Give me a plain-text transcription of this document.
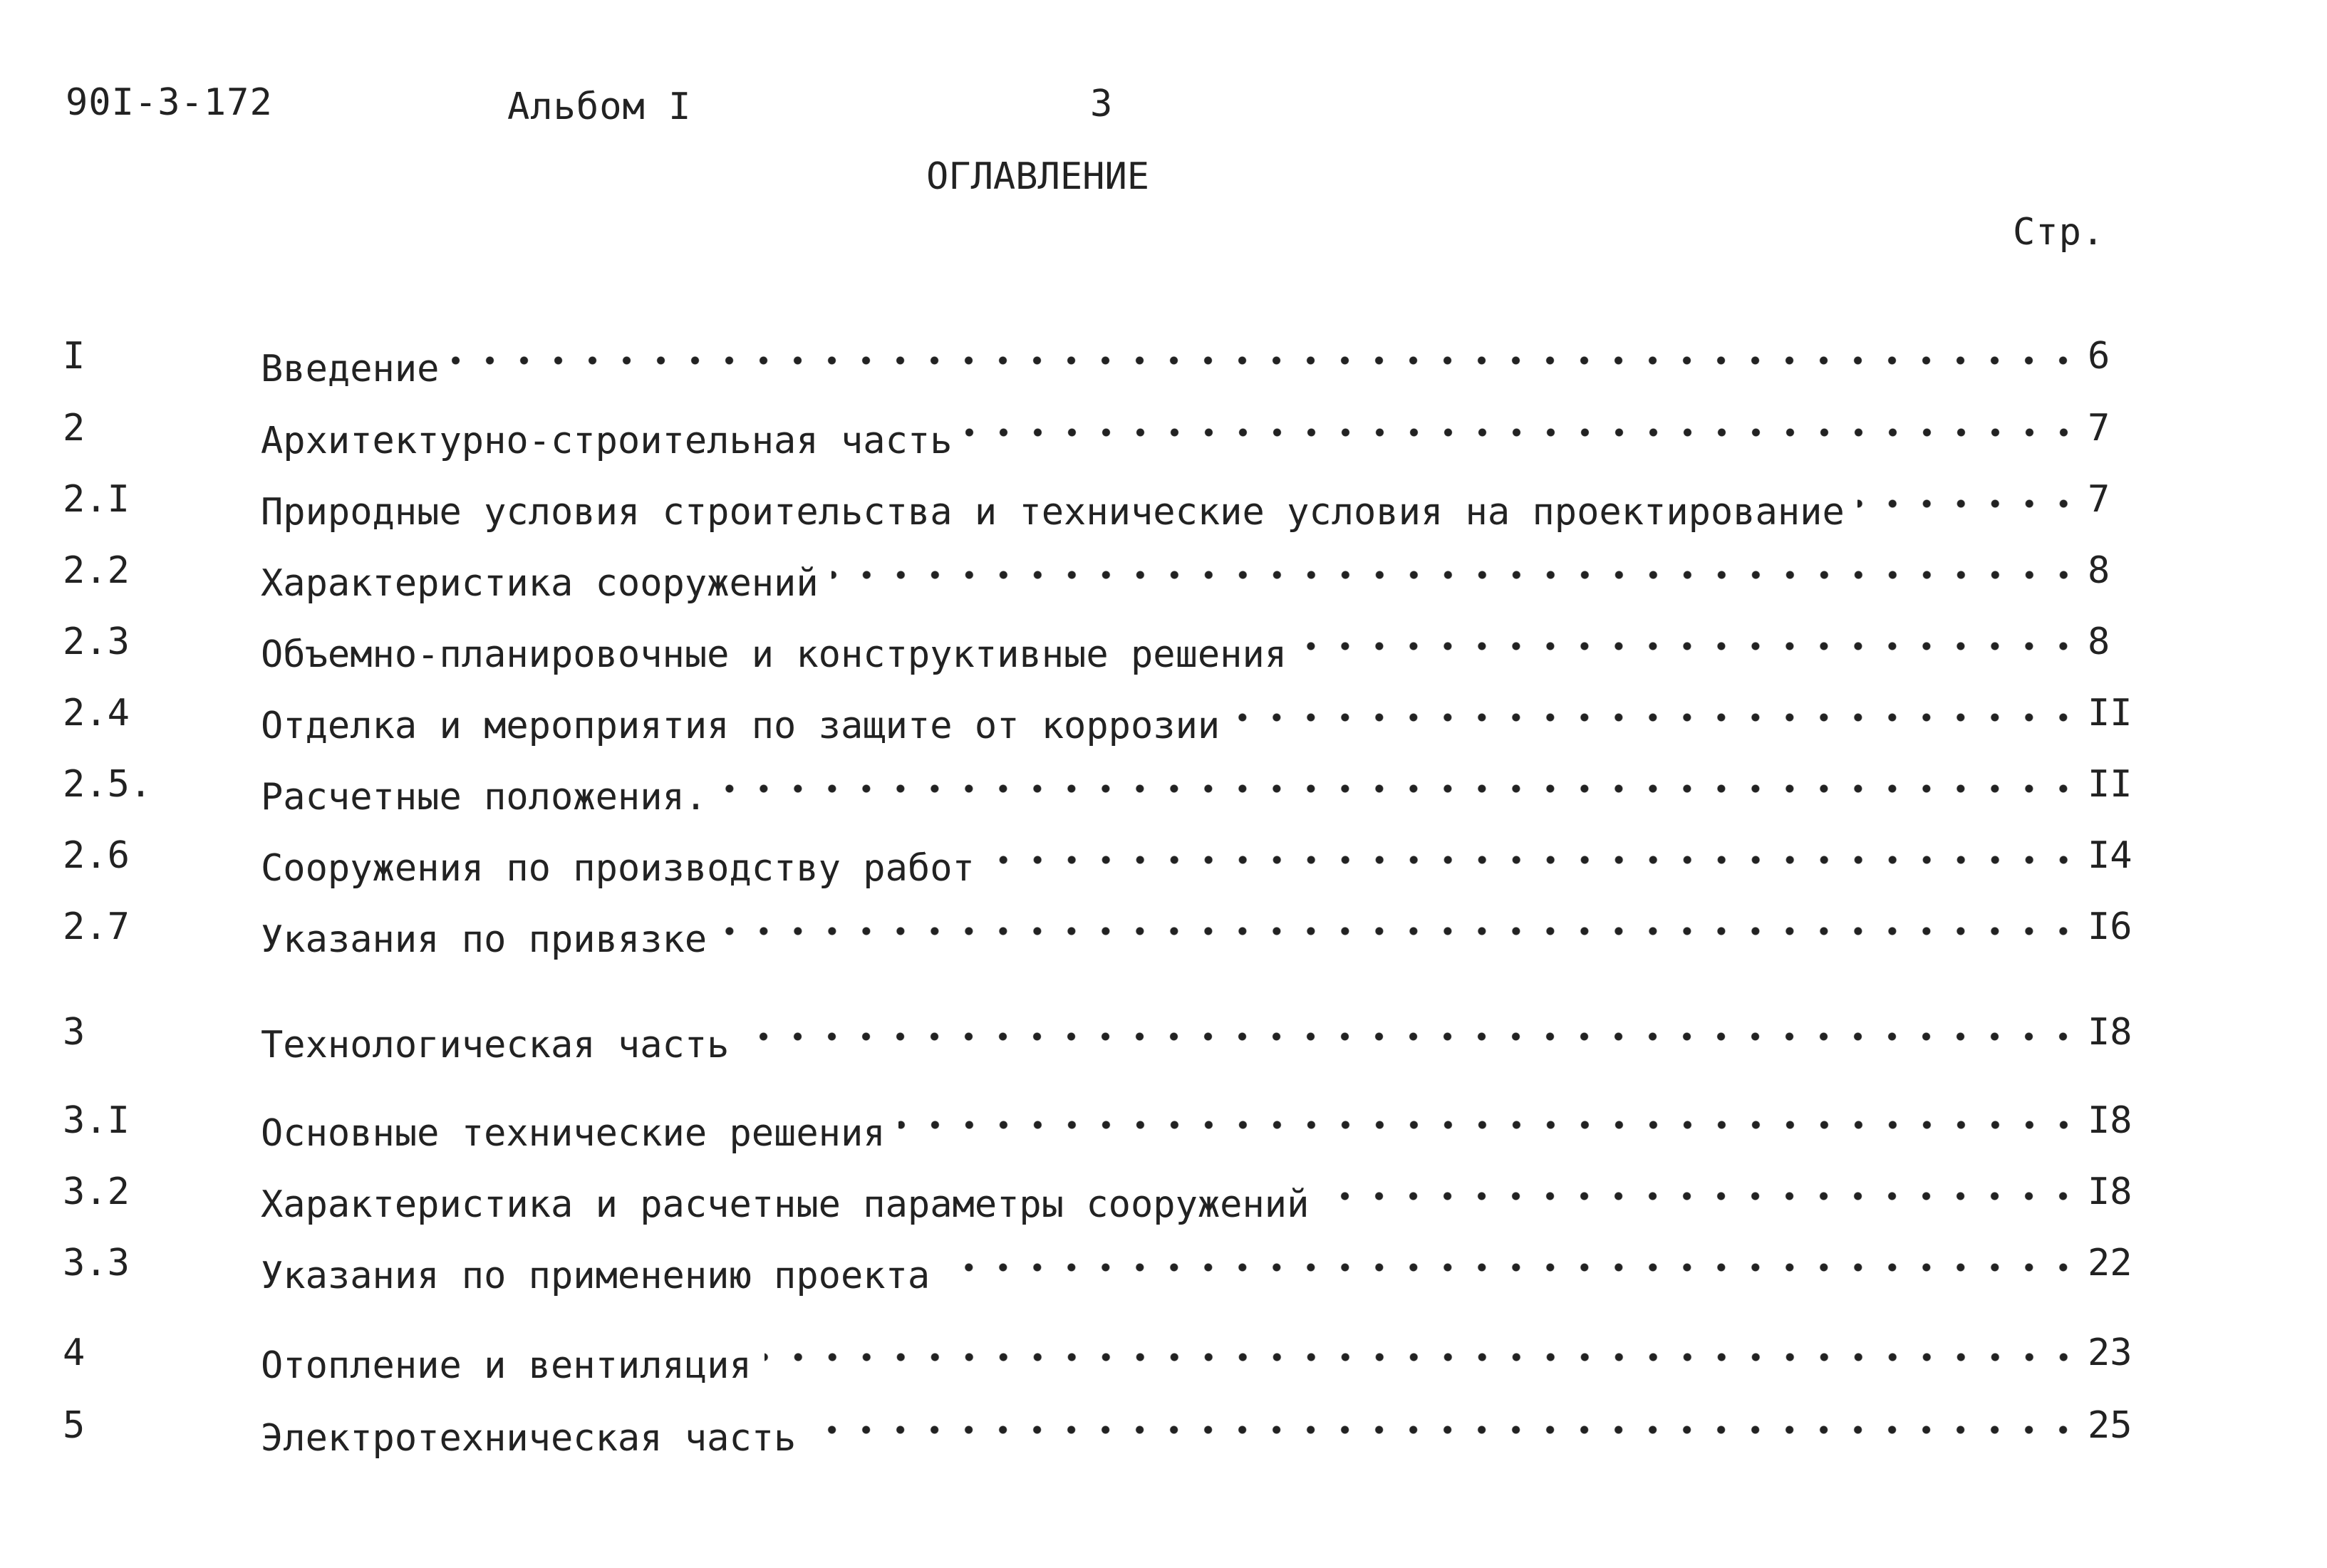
90I-3-172	Альбом I	3
ОГЛАВЛЕНИЕ
Стр.
I	Введение	6
2	Архитектурно-строительная часть	7
2.I	Природные условия строительства и технические условия на проектирование	7
2.2	Характеристика сооружений	8
2.3	Объемно-планировочные и конструктивные решения	8
2.4	Отделка и мероприятия по защите от коррозии	II
2.5.	Расчетные положения.	II
2.6	Сооружения по производству работ	I4
2.7	Указания по привязке	I6
3	Технологическая часть	I8
3.I	Основные технические решения	I8
3.2	Характеристика и расчетные параметры сооружений	I8
3.3	Указания по применению проекта	22
4	Отопление и вентиляция	23
5	Электротехническая часть	25
